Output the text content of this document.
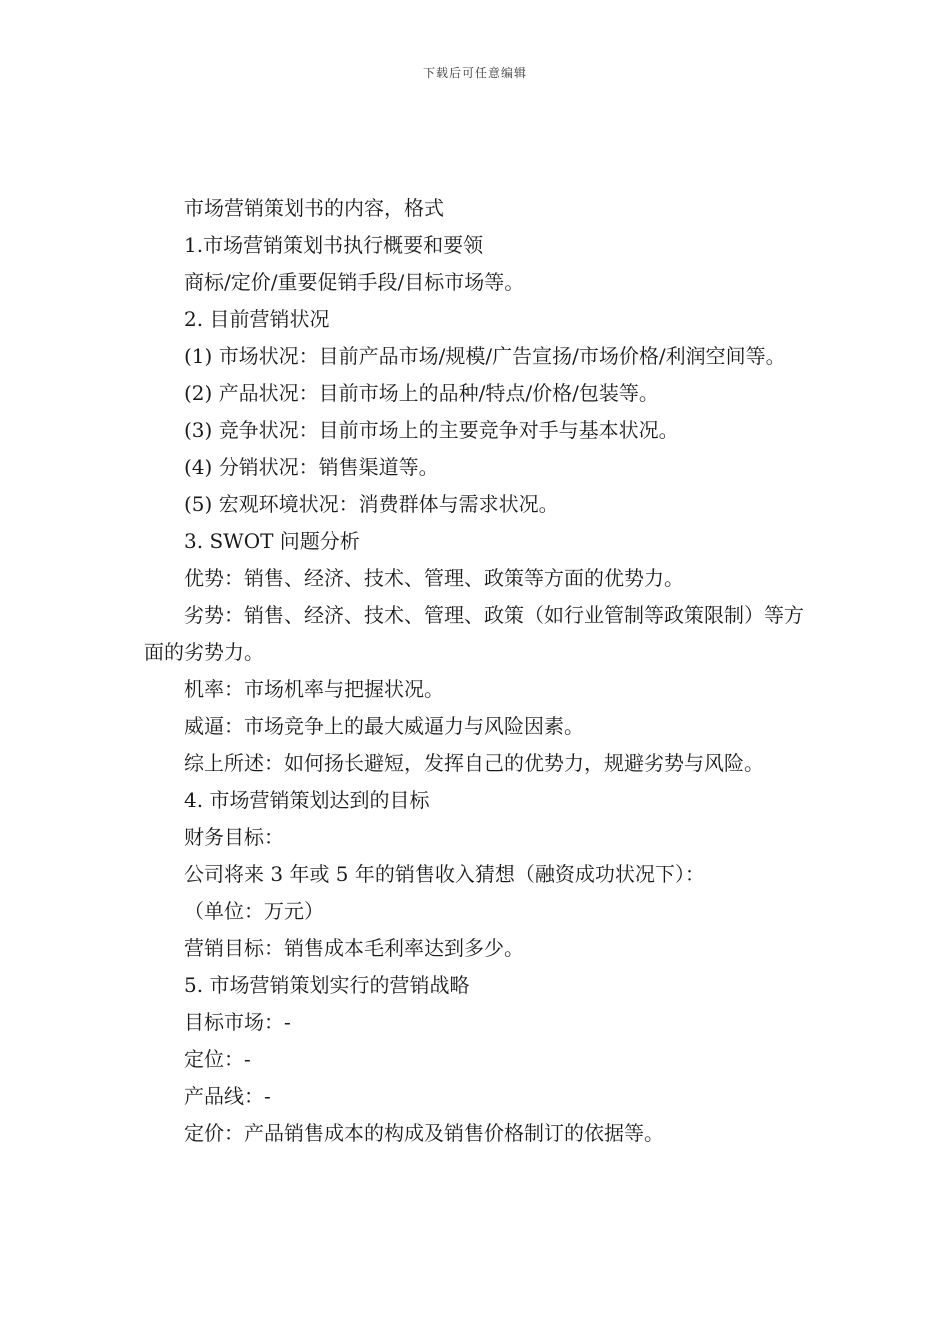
下载后可任意编辑

市场营销策划书的内容，格式

1.市场营销策划书执行概要和要领

商标/定价/重要促销手段/目标市场等。

2. 目前营销状况

(1) 市场状况：目前产品市场/规模/广告宣扬/市场价格/利润空间等。

(2) 产品状况：目前市场上的品种/特点/价格/包装等。

(3) 竞争状况：目前市场上的主要竞争对手与基本状况。

(4) 分销状况：销售渠道等。

(5) 宏观环境状况：消费群体与需求状况。

3. SWOT 问题分析

优势：销售、经济、技术、管理、政策等方面的优势力。

劣势：销售、经济、技术、管理、政策（如行业管制等政策限制）等方面的劣势力。

机率：市场机率与把握状况。

威逼：市场竞争上的最大威逼力与风险因素。

综上所述：如何扬长避短，发挥自己的优势力，规避劣势与风险。

4. 市场营销策划达到的目标

财务目标：

公司将来 3 年或 5 年的销售收入猜想（融资成功状况下）：

（单位：万元）

营销目标：销售成本毛利率达到多少。

5. 市场营销策划实行的营销战略

目标市场：-

定位：-

产品线：-

定价：产品销售成本的构成及销售价格制订的依据等。
